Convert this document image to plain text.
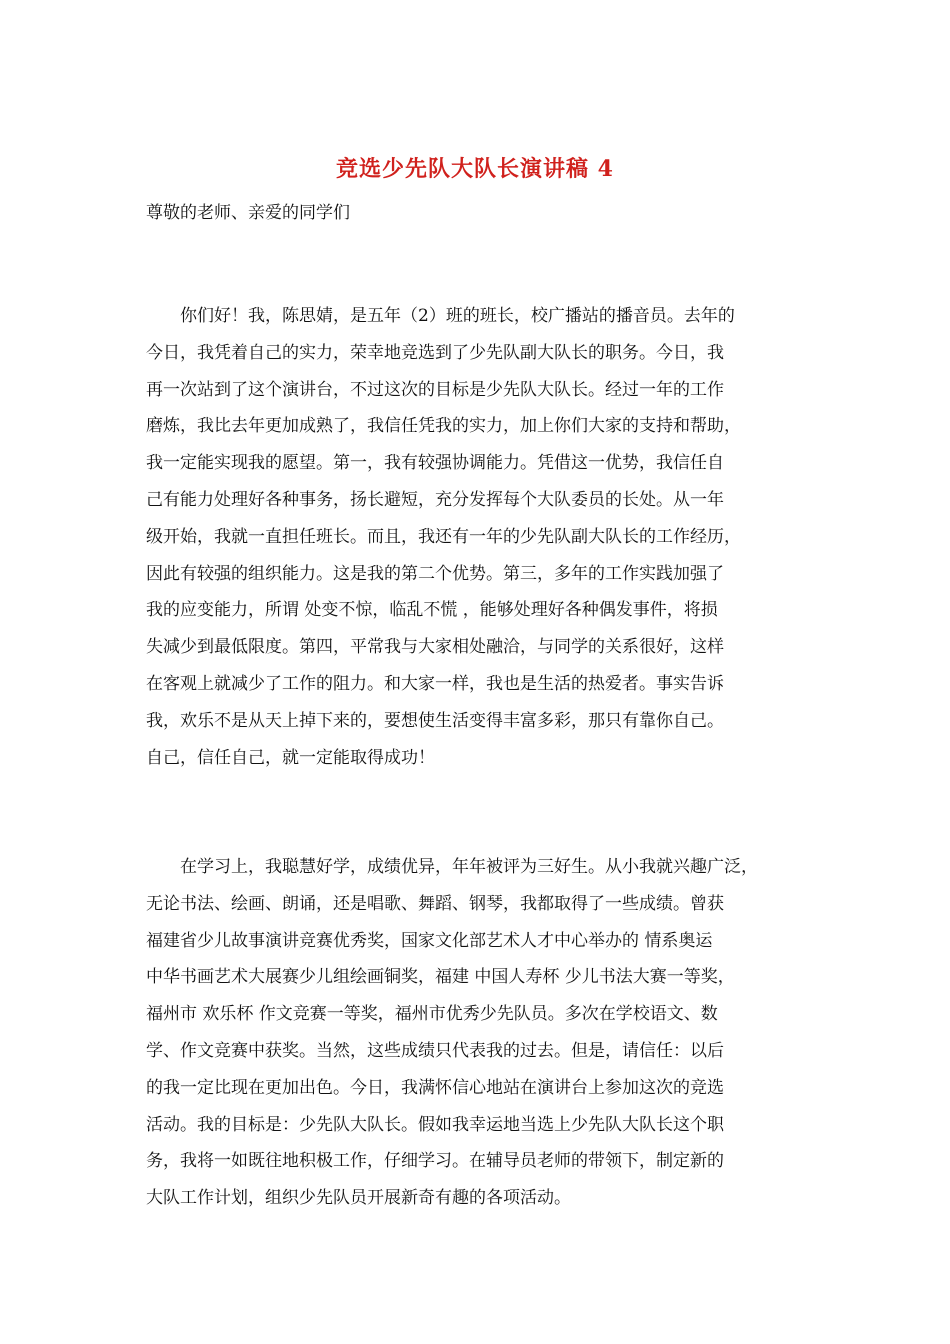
竞选少先队大队长演讲稿 4

尊敬的老师、亲爱的同学们

　　你们好！我，陈思婧，是五年（2）班的班长，校广播站的播音员。去年的
今日，我凭着自己的实力，荣幸地竞选到了少先队副大队长的职务。今日，我
再一次站到了这个演讲台，不过这次的目标是少先队大队长。经过一年的工作
磨炼，我比去年更加成熟了，我信任凭我的实力，加上你们大家的支持和帮助，
我一定能实现我的愿望。第一，我有较强协调能力。凭借这一优势，我信任自
己有能力处理好各种事务，扬长避短，充分发挥每个大队委员的长处。从一年
级开始，我就一直担任班长。而且，我还有一年的少先队副大队长的工作经历，
因此有较强的组织能力。这是我的第二个优势。第三，多年的工作实践加强了
我的应变能力，所谓 处变不惊，临乱不慌 ，能够处理好各种偶发事件，将损
失减少到最低限度。第四，平常我与大家相处融洽，与同学的关系很好，这样
在客观上就减少了工作的阻力。和大家一样，我也是生活的热爱者。事实告诉
我，欢乐不是从天上掉下来的，要想使生活变得丰富多彩，那只有靠你自己。
自己，信任自己，就一定能取得成功！
　　在学习上，我聪慧好学，成绩优异，年年被评为三好生。从小我就兴趣广泛，
无论书法、绘画、朗诵，还是唱歌、舞蹈、钢琴，我都取得了一些成绩。曾获
福建省少儿故事演讲竞赛优秀奖，国家文化部艺术人才中心举办的 情系奥运
中华书画艺术大展赛少儿组绘画铜奖，福建 中国人寿杯 少儿书法大赛一等奖，
福州市 欢乐杯 作文竞赛一等奖，福州市优秀少先队员。多次在学校语文、数
学、作文竞赛中获奖。当然，这些成绩只代表我的过去。但是，请信任：以后
的我一定比现在更加出色。今日，我满怀信心地站在演讲台上参加这次的竞选
活动。我的目标是：少先队大队长。假如我幸运地当选上少先队大队长这个职
务，我将一如既往地积极工作，仔细学习。在辅导员老师的带领下，制定新的
大队工作计划，组织少先队员开展新奇有趣的各项活动。
